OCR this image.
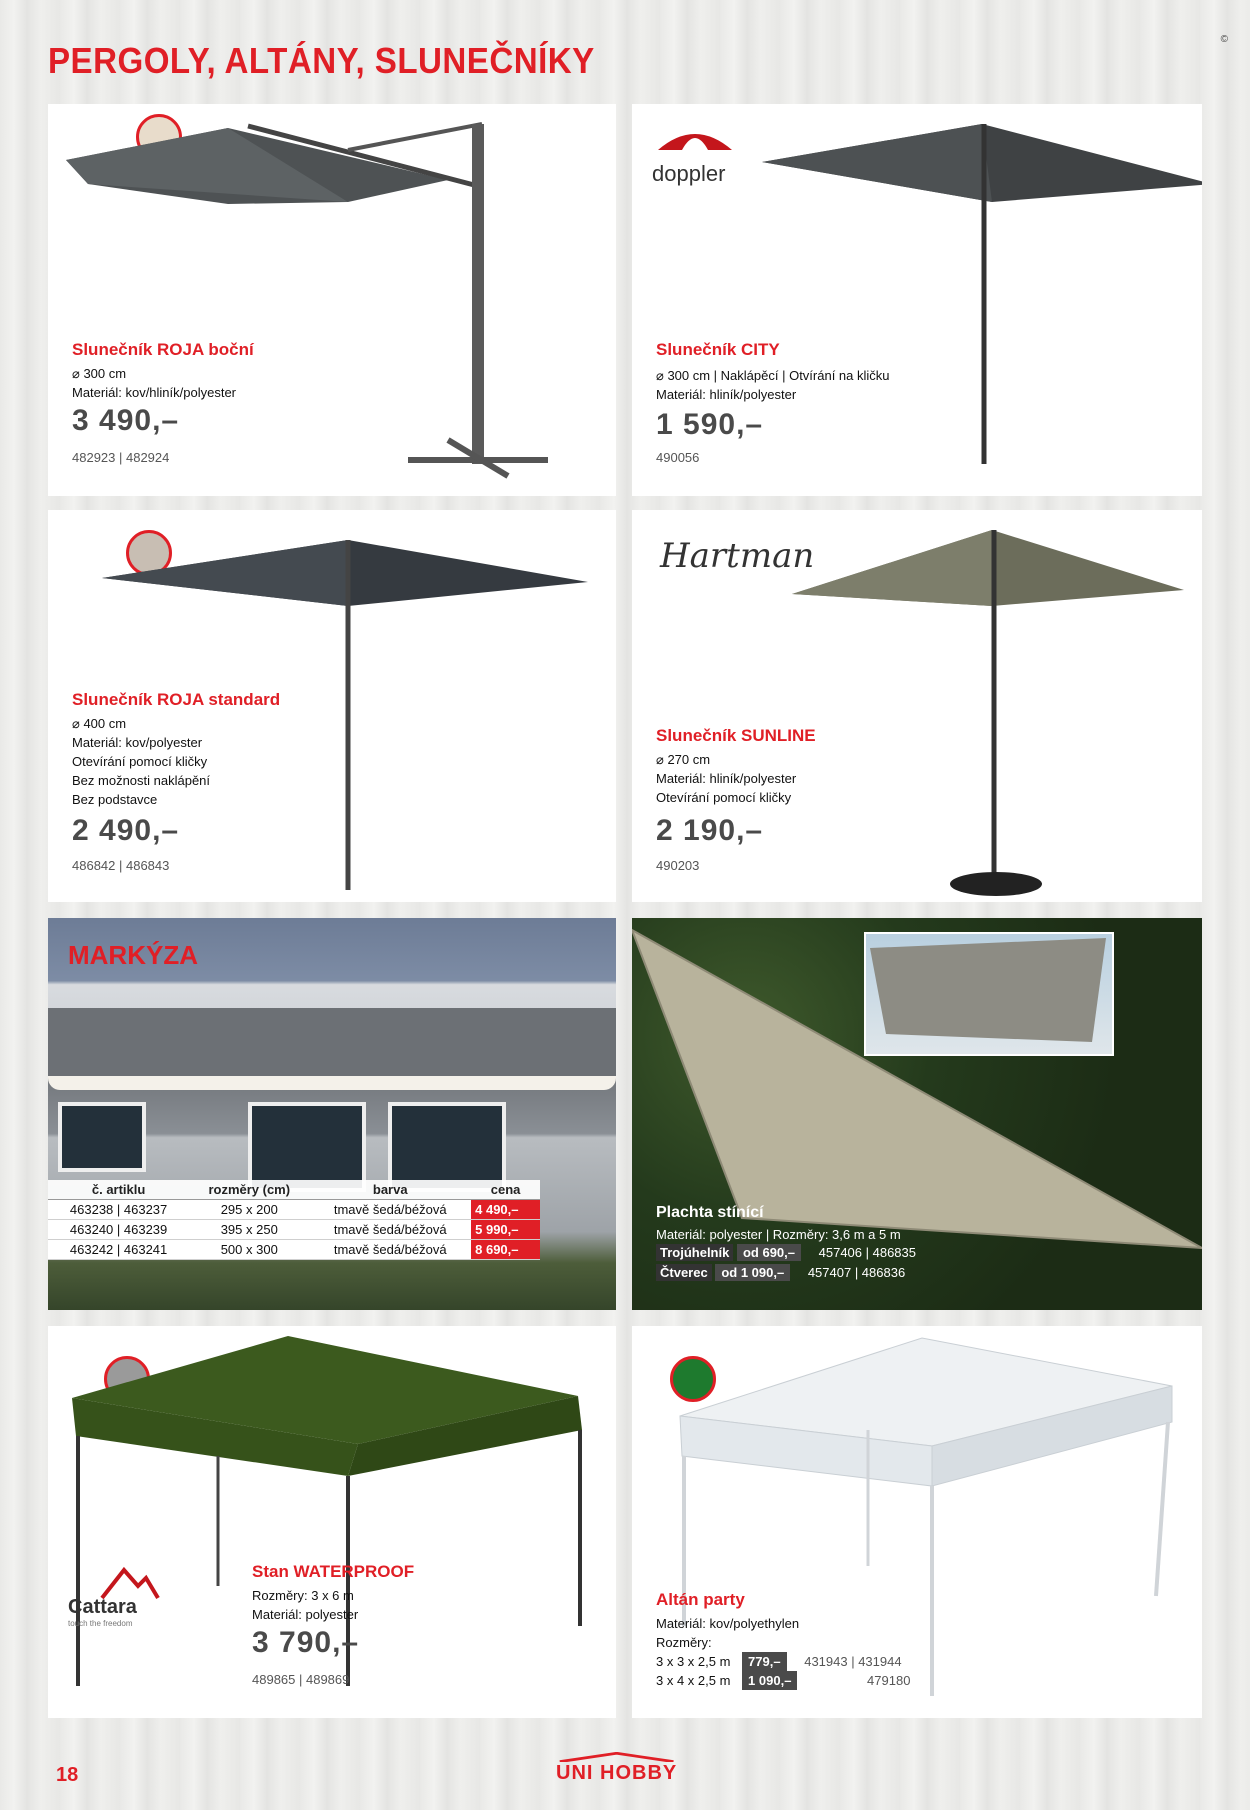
PERGOLY, ALTÁNY, SLUNEČNÍKY
©
Slunečník ROJA boční
⌀ 300 cm
Materiál: kov/hliník/polyester
3 490,–
482923 | 482924
doppler
Slunečník CITY
⌀ 300 cm | Naklápěcí | Otvírání na kličku
Materiál: hliník/polyester
1 590,–
490056
Slunečník ROJA standard
⌀ 400 cm
Materiál: kov/polyester
Otevírání pomocí kličky
Bez možnosti naklápění
Bez podstavce
2 490,–
486842 | 486843
Hartman
Slunečník SUNLINE
⌀ 270 cm
Materiál: hliník/polyester
Otevírání pomocí kličky
2 190,–
490203
MARKÝZA
č. artiklu	rozměry (cm)	barva	cena
463238 | 463237	295 x 200	tmavě šedá/béžová	4 490,–
463240 | 463239	395 x 250	tmavě šedá/béžová	5 990,–
463242 | 463241	500 x 300	tmavě šedá/béžová	8 690,–
Plachta stínící
Materiál: polyester | Rozměry: 3,6 m a 5 m
Trojúhelník od 690,– 457406 | 486835
Čtverec od 1 090,– 457407 | 486836
Cattara
touch the freedom
Stan WATERPROOF
Rozměry: 3 x 6 m
Materiál: polyester
3 790,–
489865 | 489869
Altán party
Materiál: kov/polyethylen
Rozměry:
3 x 3 x 2,5 m 779,– 431943 | 431944
3 x 4 x 2,5 m 1 090,–	479180
18	UNI HOBBY
